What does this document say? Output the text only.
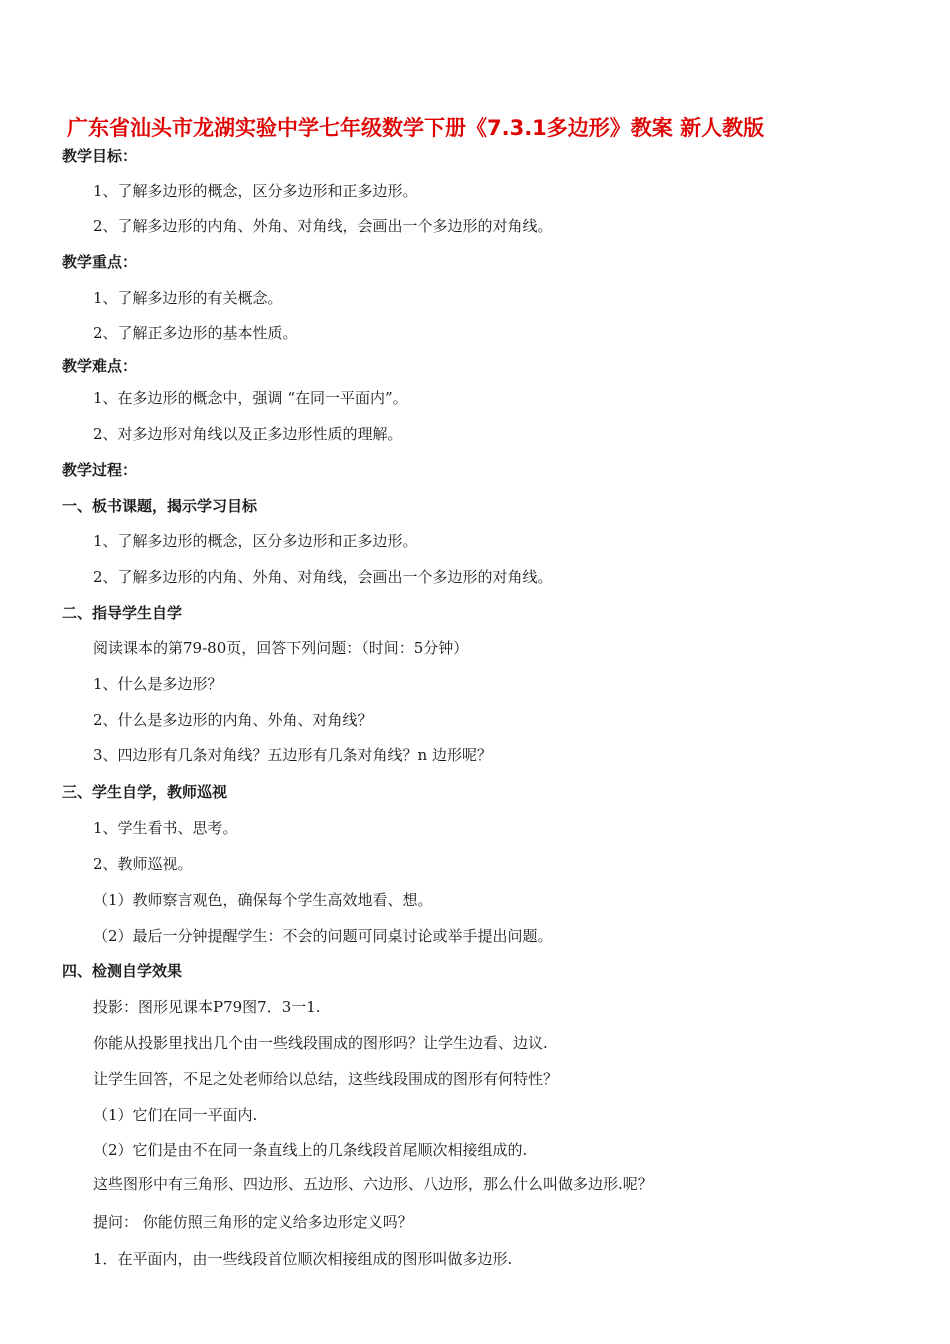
广东省汕头市龙湖实验中学七年级数学下册《7.3.1多边形》教案 新人教版
教学目标：
1、了解多边形的概念，区分多边形和正多边形。
2、了解多边形的内角、外角、对角线，会画出一个多边形的对角线。
教学重点：
1、了解多边形的有关概念。
2、了解正多边形的基本性质。
教学难点：
1、在多边形的概念中，强调 “在同一平面内”。
2、对多边形对角线以及正多边形性质的理解。
教学过程：
一、板书课题，揭示学习目标
1、了解多边形的概念，区分多边形和正多边形。
2、了解多边形的内角、外角、对角线，会画出一个多边形的对角线。
二、指导学生自学
阅读课本的第79-80页，回答下列问题：（时间：5分钟）
1、什么是多边形？
2、什么是多边形的内角、外角、对角线？
3、四边形有几条对角线？五边形有几条对角线？n 边形呢？
三、学生自学，教师巡视
1、学生看书、思考。
2、教师巡视。
（1）教师察言观色，确保每个学生高效地看、想。
（2）最后一分钟提醒学生：不会的问题可同桌讨论或举手提出问题。
四、检测自学效果
投影：图形见课本P79图7．3一1.
你能从投影里找出几个由一些线段围成的图形吗？让学生边看、边议.
让学生回答，不足之处老师给以总结，这些线段围成的图形有何特性？
（1）它们在同一平面内.
（2）它们是由不在同一条直线上的几条线段首尾顺次相接组成的.
这些图形中有三角形、四边形、五边形、六边形、八边形，那么什么叫做多边形.呢？
提问： 你能仿照三角形的定义给多边形定义吗？
1．在平面内，由一些线段首位顺次相接组成的图形叫做多边形.
